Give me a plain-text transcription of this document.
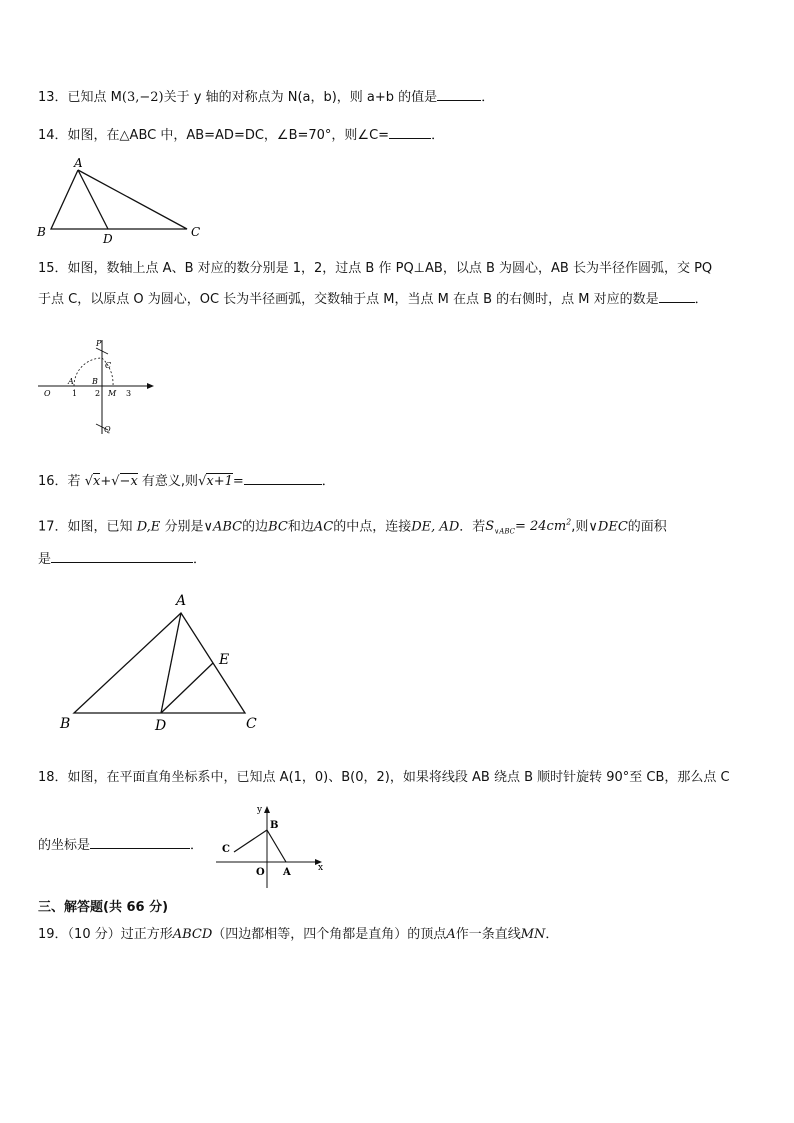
13．已知点 M(3,−2)关于 y 轴的对称点为 N(a，b)，则 a+b 的值是	．
14．如图，在△ABC 中，AB=AD=DC，∠B=70°，则∠C=	．
A
B	D	C
15．如图，数轴上点 A、B 对应的数分别是 1，2，过点 B 作 PQ⊥AB，以点 B 为圆心，AB 长为半径作圆弧，交 PQ
于点 C，以原点 O 为圆心，OC 长为半径画弧，交数轴于点 M，当点 M 在点 B 的右侧时，点 M 对应的数是	．
P
C
A B
O	1 2 M 3
Q
16．若 √x+√−x 有意义,则√x+1=	．
17．如图，已知 D,E 分别是∨ABC的边BC和边AC的中点，连接DE, AD．若$S_{\vee ABC}= 24cm^2$,则∨DEC的面积
是	．
A
E
B	D	C
18．如图，在平面直角坐标系中，已知点 A(1，0)、B(0，2)，如果将线段 AB 绕点 B 顺时针旋转 90°至 CB，那么点 C
的坐标是	．
y
x
B
C
O A
三、解答题(共 66 分)
19．（10 分）过正方形ABCD（四边都相等，四个角都是直角）的顶点A作一条直线MN．
